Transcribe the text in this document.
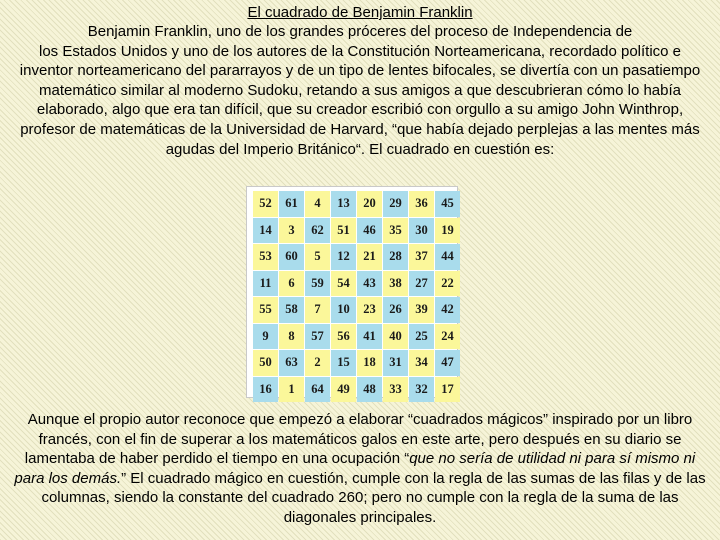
El cuadrado de Benjamin Franklin
Benjamin Franklin, uno de los grandes próceres del proceso de Independencia de
los Estados Unidos y uno de los autores de la Constitución Norteamericana, recordado político e inventor norteamericano del pararrayos y de un tipo de lentes bifocales, se divertía con un pasatiempo matemático similar al moderno Sudoku, retando a sus amigos a que descubrieran cómo lo había elaborado, algo que era tan difícil, que su creador escribió con orgullo a su amigo John Winthrop, profesor de matemáticas de la Universidad de Harvard, “que había dejado perplejas a las mentes más agudas del Imperio Británico“. El cuadrado en cuestión es:
52	61	4	13	20	29	36	45
14	3	62	51	46	35	30	19
53	60	5	12	21	28	37	44
11	6	59	54	43	38	27	22
55	58	7	10	23	26	39	42
9	8	57	56	41	40	25	24
50	63	2	15	18	31	34	47
16	1	64	49	48	33	32	17
Aunque el propio autor reconoce que empezó a elaborar “cuadrados mágicos” inspirado por un libro francés, con el fin de superar a los matemáticos galos en este arte, pero después en su diario se lamentaba de haber perdido el tiempo en una ocupación “que no sería de utilidad ni para sí mismo ni para los demás.” El cuadrado mágico en cuestión, cumple con la regla de las sumas de las filas y de las columnas, siendo la constante del cuadrado 260; pero no cumple con la regla de la suma de las diagonales principales.
